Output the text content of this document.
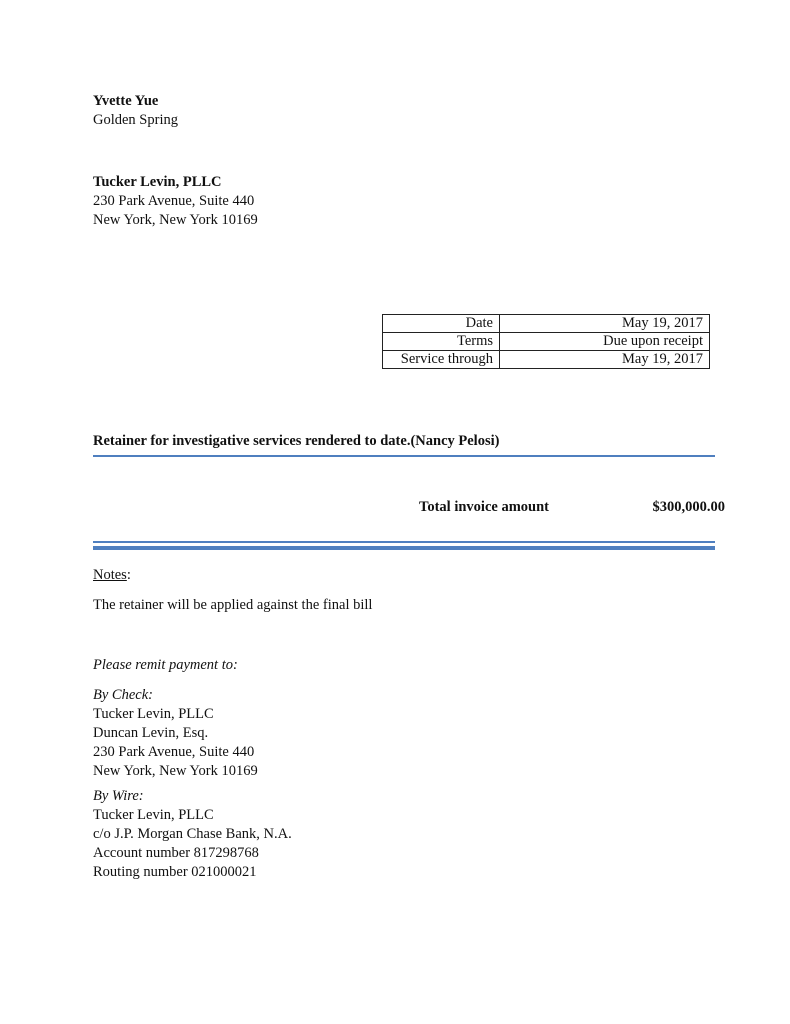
Yvette Yue
Golden Spring
Tucker Levin, PLLC
230 Park Avenue, Suite 440
New York, New York 10169
Date	May 19, 2017
Terms	Due upon receipt
Service through	May 19, 2017
Retainer for investigative services rendered to date.(Nancy Pelosi)
Total invoice amount	$300,000.00
Notes:
The retainer will be applied against the final bill
Please remit payment to:
By Check:
Tucker Levin, PLLC
Duncan Levin, Esq.
230 Park Avenue, Suite 440
New York, New York 10169
By Wire:
Tucker Levin, PLLC
c/o J.P. Morgan Chase Bank, N.A.
Account number 817298768
Routing number 021000021
